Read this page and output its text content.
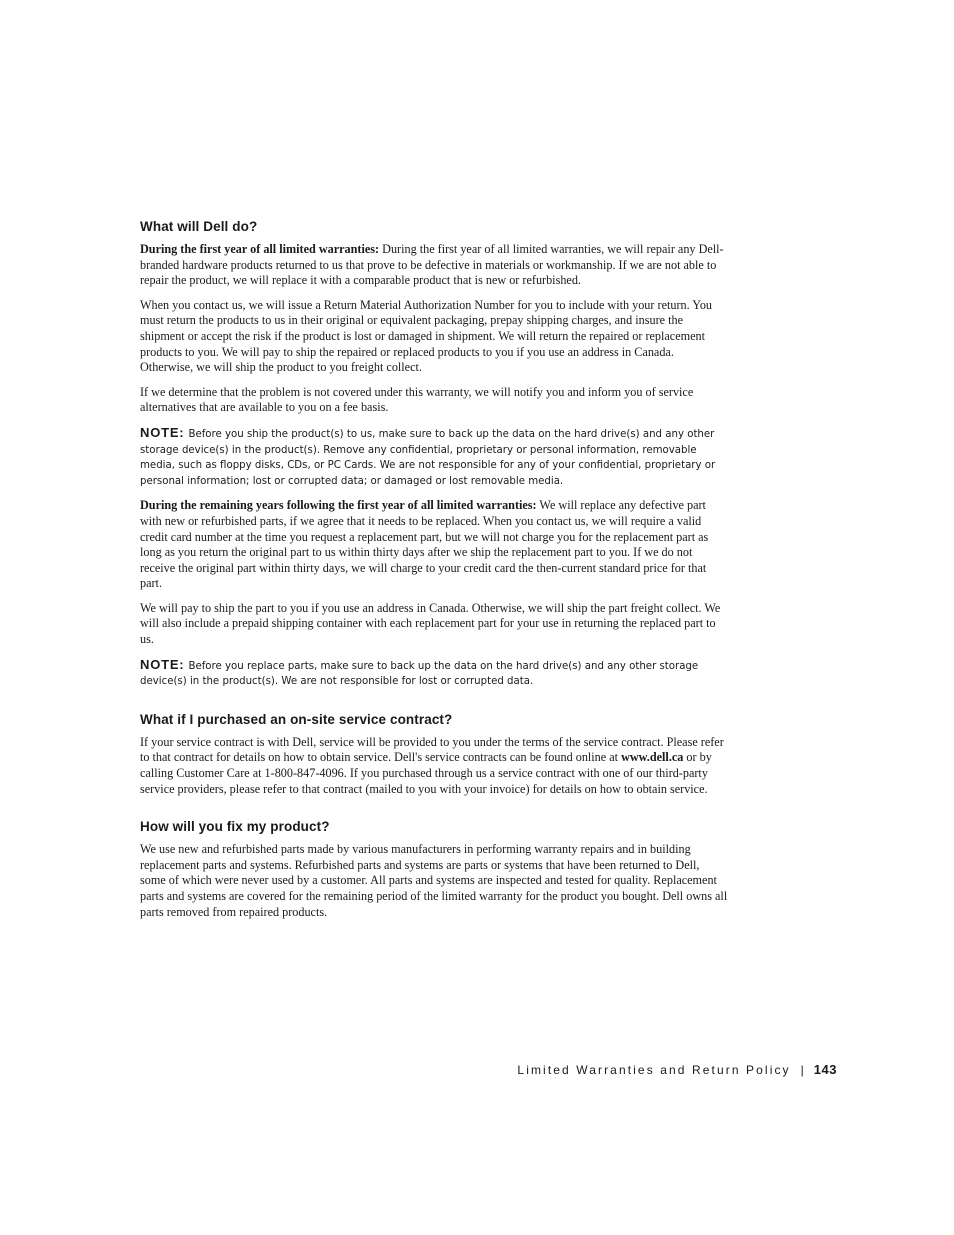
What will Dell do?

During the first year of all limited warranties: During the first year of all limited warranties, we will repair any Dell-branded hardware products returned to us that prove to be defective in materials or workmanship. If we are not able to repair the product, we will replace it with a comparable product that is new or refurbished.

When you contact us, we will issue a Return Material Authorization Number for you to include with your return. You must return the products to us in their original or equivalent packaging, prepay shipping charges, and insure the shipment or accept the risk if the product is lost or damaged in shipment. We will return the repaired or replacement products to you. We will pay to ship the repaired or replaced products to you if you use an address in Canada. Otherwise, we will ship the product to you freight collect.

If we determine that the problem is not covered under this warranty, we will notify you and inform you of service alternatives that are available to you on a fee basis.

NOTE: Before you ship the product(s) to us, make sure to back up the data on the hard drive(s) and any other storage device(s) in the product(s). Remove any confidential, proprietary or personal information, removable media, such as floppy disks, CDs, or PC Cards. We are not responsible for any of your confidential, proprietary or personal information; lost or corrupted data; or damaged or lost removable media.

During the remaining years following the first year of all limited warranties: We will replace any defective part with new or refurbished parts, if we agree that it needs to be replaced. When you contact us, we will require a valid credit card number at the time you request a replacement part, but we will not charge you for the replacement part as long as you return the original part to us within thirty days after we ship the replacement part to you. If we do not receive the original part within thirty days, we will charge to your credit card the then-current standard price for that part.

We will pay to ship the part to you if you use an address in Canada. Otherwise, we will ship the part freight collect. We will also include a prepaid shipping container with each replacement part for your use in returning the replaced part to us.

NOTE: Before you replace parts, make sure to back up the data on the hard drive(s) and any other storage device(s) in the product(s). We are not responsible for lost or corrupted data.

What if I purchased an on-site service contract?

If your service contract is with Dell, service will be provided to you under the terms of the service contract. Please refer to that contract for details on how to obtain service. Dell's service contracts can be found online at www.dell.ca or by calling Customer Care at 1-800-847-4096. If you purchased through us a service contract with one of our third-party service providers, please refer to that contract (mailed to you with your invoice) for details on how to obtain service.

How will you fix my product?

We use new and refurbished parts made by various manufacturers in performing warranty repairs and in building replacement parts and systems. Refurbished parts and systems are parts or systems that have been returned to Dell, some of which were never used by a customer. All parts and systems are inspected and tested for quality. Replacement parts and systems are covered for the remaining period of the limited warranty for the product you bought. Dell owns all parts removed from repaired products.

Limited Warranties and Return Policy | 143
